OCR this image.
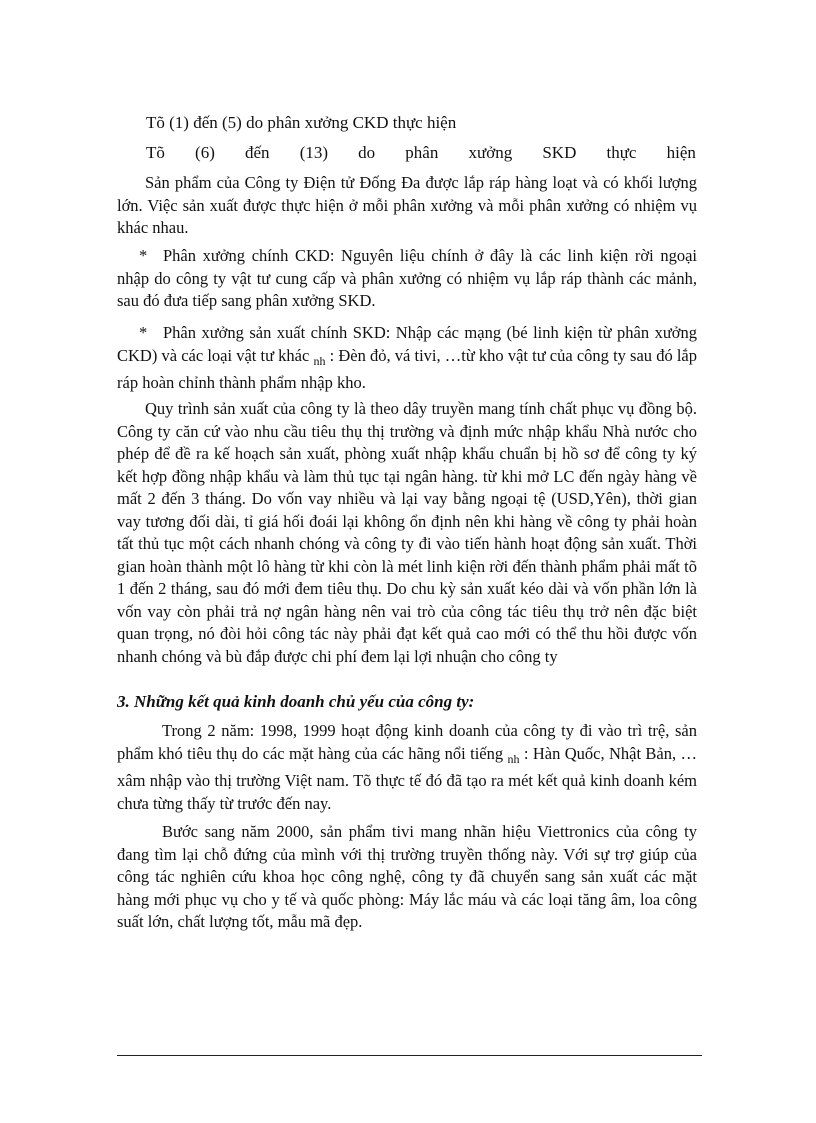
Tõ (1) đến (5) do phân xưởng CKD thực hiện
Tõ (6) đến (13) do phân xưởng SKD thực hiện

Sản phẩm của Công ty Điện tử Đống Đa được lắp ráp hàng loạt và có khối lượng lớn. Việc sản xuất được thực hiện ở mỗi phân xưởng và mỗi phân xưởng có nhiệm vụ khác nhau.

* Phân xưởng chính CKD: Nguyên liệu chính ở đây là các linh kiện rời ngoại nhập do công ty vật tư cung cấp và phân xưởng có nhiệm vụ lắp ráp thành các mảnh, sau đó đưa tiếp sang phân xưởng SKD.

* Phân xưởng sản xuất chính SKD: Nhập các mạng (bé linh kiện từ phân xưởng CKD) và các loại vật tư khác $_{nh}$ : Đèn đỏ, vá tivi, …từ kho vật tư của công ty sau đó lắp ráp hoàn chỉnh thành phẩm nhập kho.

Quy trình sản xuất của công ty là theo dây truyền mang tính chất phục vụ đồng bộ. Công ty căn cứ vào nhu cầu tiêu thụ thị trường và định mức nhập khẩu Nhà nước cho phép để đề ra kế hoạch sản xuất, phòng xuất nhập khẩu chuẩn bị hồ sơ để công ty ký kết hợp đồng nhập khẩu và làm thủ tục tại ngân hàng. từ khi mở LC đến ngày hàng về mất 2 đến 3 tháng. Do vốn vay nhiều và lại vay bằng ngoại tệ (USD,Yên), thời gian vay tương đối dài, tỉ giá hối đoái lại không ổn định nên khi hàng về công ty phải hoàn tất thủ tục một cách nhanh chóng và công ty đi vào tiến hành hoạt động sản xuất. Thời gian hoàn thành một lô hàng từ khi còn là mét linh kiện rời đến thành phẩm phải mất tõ 1 đến 2 tháng, sau đó mới đem tiêu thụ. Do chu kỳ sản xuất kéo dài và vốn phần lớn là vốn vay còn phải trả nợ ngân hàng nên vai trò của công tác tiêu thụ trở nên đặc biệt quan trọng, nó đòi hỏi công tác này phải đạt kết quả cao mới có thể thu hồi được vốn nhanh chóng và bù đắp được chi phí đem lại lợi nhuận cho công ty

3. Những kết quả kinh doanh chủ yếu của công ty:

Trong 2 năm: 1998, 1999 hoạt động kinh doanh của công ty đi vào trì trệ, sản phẩm khó tiêu thụ do các mặt hàng của các hãng nổi tiếng $_{nh}$ : Hàn Quốc, Nhật Bản, … xâm nhập vào thị trường Việt nam. Tõ thực tế đó đã tạo ra mét kết quả kinh doanh kém chưa từng thấy từ trước đến nay.

Bước sang năm 2000, sản phẩm tivi mang nhãn hiệu Viettronics của công ty đang tìm lại chỗ đứng của mình với thị trường truyền thống này. Với sự trợ giúp của công tác nghiên cứu khoa học công nghệ, công ty đã chuyển sang sản xuất các mặt hàng mới phục vụ cho y tế và quốc phòng: Máy lắc máu và các loại tăng âm, loa công suất lớn, chất lượng tốt, mẫu mã đẹp.
